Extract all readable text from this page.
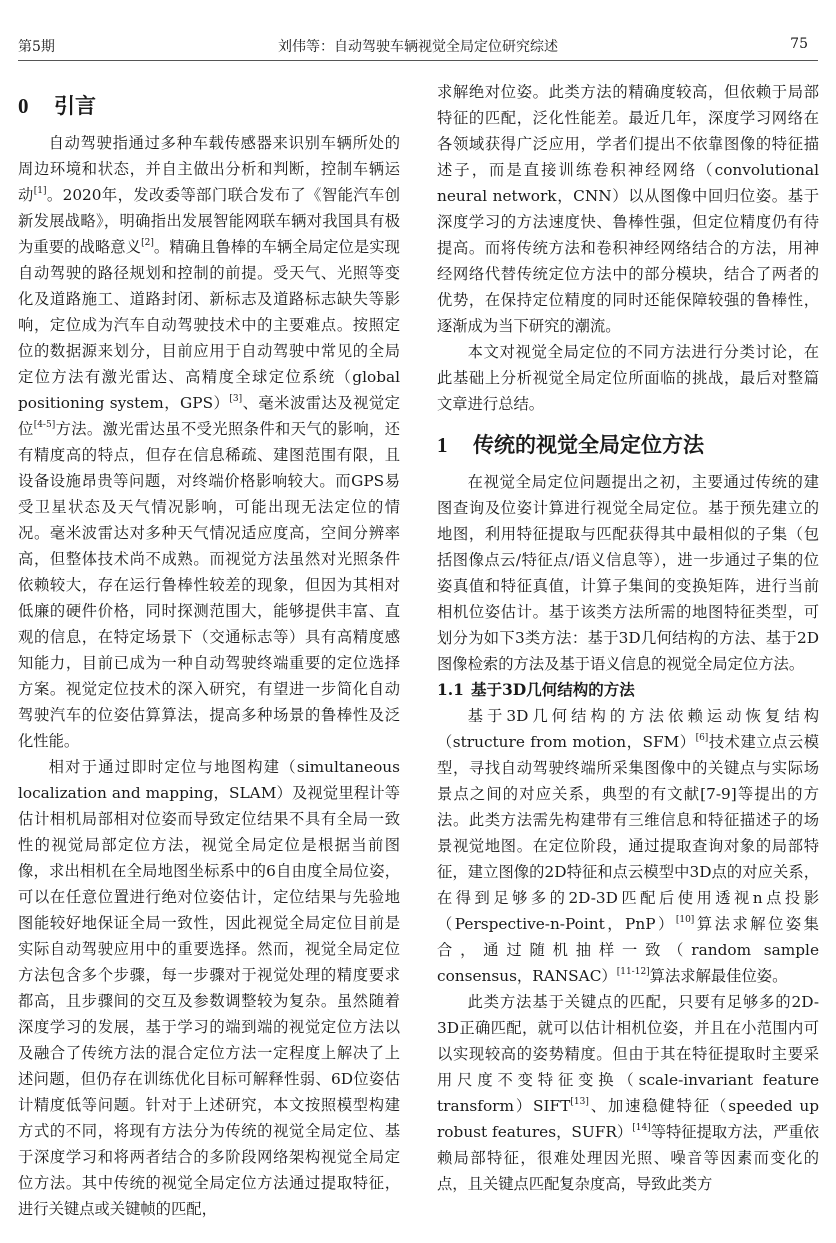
第5期	刘伟等：自动驾驶车辆视觉全局定位研究综述	75
0 引言

自动驾驶指通过多种车载传感器来识别车辆所处的周边环境和状态，并自主做出分析和判断，控制车辆运动[1]。2020年，发改委等部门联合发布了《智能汽车创新发展战略》，明确指出发展智能网联车辆对我国具有极为重要的战略意义[2]。精确且鲁棒的车辆全局定位是实现自动驾驶的路径规划和控制的前提。受天气、光照等变化及道路施工、道路封闭、新标志及道路标志缺失等影响，定位成为汽车自动驾驶技术中的主要难点。按照定位的数据源来划分，目前应用于自动驾驶中常见的全局定位方法有激光雷达、高精度全球定位系统（global positioning system，GPS）[3]、毫米波雷达及视觉定位[4-5]方法。激光雷达虽不受光照条件和天气的影响，还有精度高的特点，但存在信息稀疏、建图范围有限，且设备设施昂贵等问题，对终端价格影响较大。而GPS易受卫星状态及天气情况影响，可能出现无法定位的情况。毫米波雷达对多种天气情况适应度高，空间分辨率高，但整体技术尚不成熟。而视觉方法虽然对光照条件依赖较大，存在运行鲁棒性较差的现象，但因为其相对低廉的硬件价格，同时探测范围大，能够提供丰富、直观的信息，在特定场景下（交通标志等）具有高精度感知能力，目前已成为一种自动驾驶终端重要的定位选择方案。视觉定位技术的深入研究，有望进一步简化自动驾驶汽车的位姿估算算法，提高多种场景的鲁棒性及泛化性能。

相对于通过即时定位与地图构建（simultaneous localization and mapping，SLAM）及视觉里程计等估计相机局部相对位姿而导致定位结果不具有全局一致性的视觉局部定位方法，视觉全局定位是根据当前图像，求出相机在全局地图坐标系中的6自由度全局位姿，可以在任意位置进行绝对位姿估计，定位结果与先验地图能较好地保证全局一致性，因此视觉全局定位目前是实际自动驾驶应用中的重要选择。然而，视觉全局定位方法包含多个步骤，每一步骤对于视觉处理的精度要求都高，且步骤间的交互及参数调整较为复杂。虽然随着深度学习的发展，基于学习的端到端的视觉定位方法以及融合了传统方法的混合定位方法一定程度上解决了上述问题，但仍存在训练优化目标可解释性弱、6D位姿估计精度低等问题。针对于上述研究，本文按照模型构建方式的不同，将现有方法分为传统的视觉全局定位、基于深度学习和将两者结合的多阶段网络架构视觉全局定位方法。其中传统的视觉全局定位方法通过提取特征，进行关键点或关键帧的匹配，

求解绝对位姿。此类方法的精确度较高，但依赖于局部特征的匹配，泛化性能差。最近几年，深度学习网络在各领域获得广泛应用，学者们提出不依靠图像的特征描述子，而是直接训练卷积神经网络（convolutional neural network，CNN）以从图像中回归位姿。基于深度学习的方法速度快、鲁棒性强，但定位精度仍有待提高。而将传统方法和卷积神经网络结合的方法，用神经网络代替传统定位方法中的部分模块，结合了两者的优势，在保持定位精度的同时还能保障较强的鲁棒性，逐渐成为当下研究的潮流。

本文对视觉全局定位的不同方法进行分类讨论，在此基础上分析视觉全局定位所面临的挑战，最后对整篇文章进行总结。

1 传统的视觉全局定位方法

在视觉全局定位问题提出之初，主要通过传统的建图查询及位姿计算进行视觉全局定位。基于预先建立的地图，利用特征提取与匹配获得其中最相似的子集（包括图像点云/特征点/语义信息等），进一步通过子集的位姿真值和特征真值，计算子集间的变换矩阵，进行当前相机位姿估计。基于该类方法所需的地图特征类型，可划分为如下3类方法：基于3D几何结构的方法、基于2D图像检索的方法及基于语义信息的视觉全局定位方法。

1.1 基于3D几何结构的方法

基于3D几何结构的方法依赖运动恢复结构（structure from motion，SFM）[6]技术建立点云模型，寻找自动驾驶终端所采集图像中的关键点与实际场景点之间的对应关系，典型的有文献[7-9]等提出的方法。此类方法需先构建带有三维信息和特征描述子的场景视觉地图。在定位阶段，通过提取查询对象的局部特征，建立图像的2D特征和点云模型中3D点的对应关系，在得到足够多的2D-3D匹配后使用透视n点投影（Perspective-n-Point，PnP）[10]算法求解位姿集合，通过随机抽样一致（random sample consensus，RANSAC）[11-12]算法求解最佳位姿。

此类方法基于关键点的匹配，只要有足够多的2D-3D正确匹配，就可以估计相机位姿，并且在小范围内可以实现较高的姿势精度。但由于其在特征提取时主要采用尺度不变特征变换（scale-invariant feature transform）SIFT[13]、加速稳健特征（speeded up robust features，SUFR）[14]等特征提取方法，严重依赖局部特征，很难处理因光照、噪音等因素而变化的点，且关键点匹配复杂度高，导致此类方
